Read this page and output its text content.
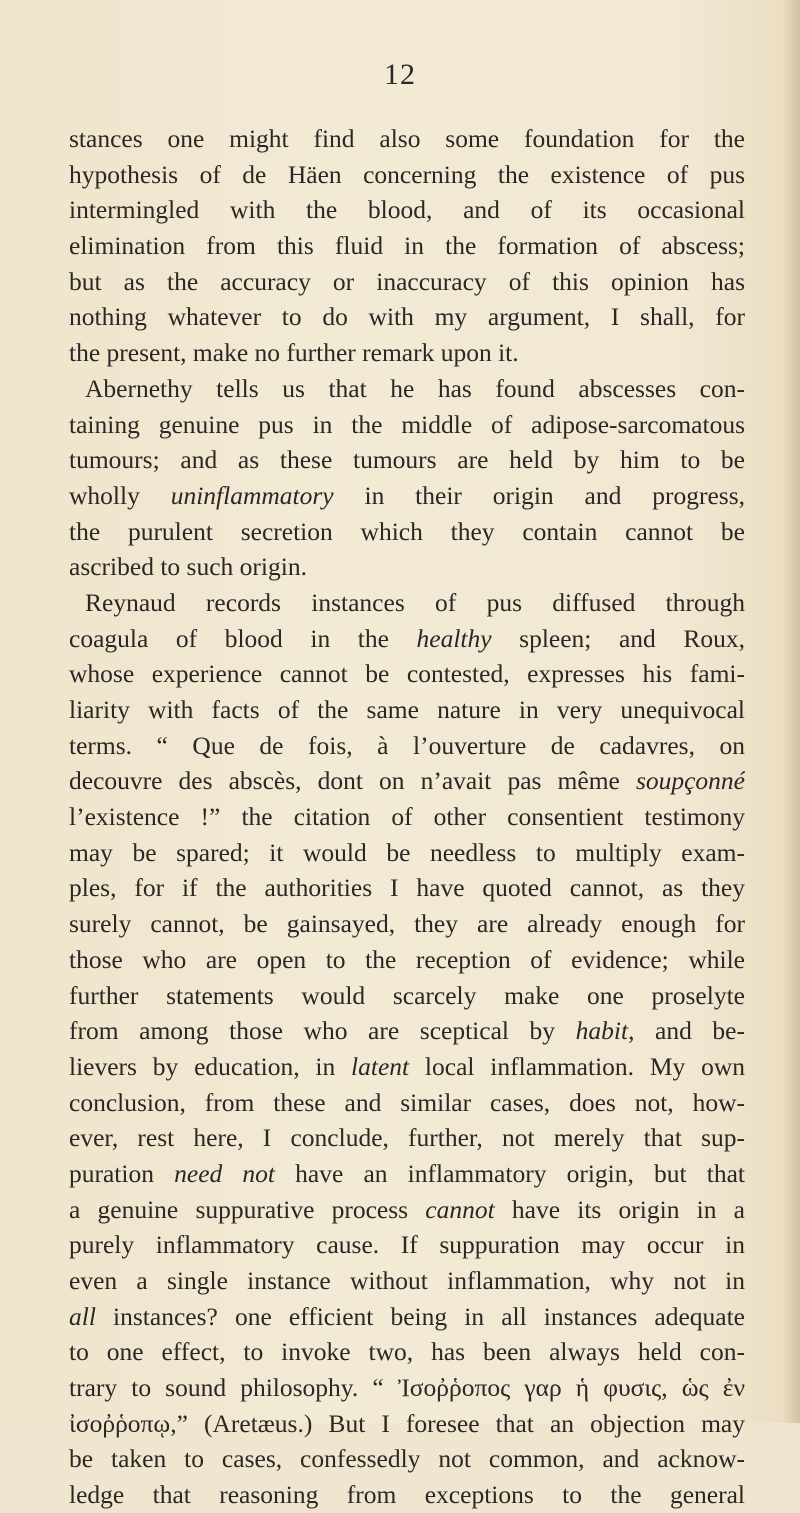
12
stances one might find also some foundation for the
hypothesis of de Häen concerning the existence of pus
intermingled with the blood, and of its occasional
elimination from this fluid in the formation of abscess;
but as the accuracy or inaccuracy of this opinion has
nothing whatever to do with my argument, I shall, for
the present, make no further remark upon it.
Abernethy tells us that he has found abscesses con-
taining genuine pus in the middle of adipose-sarcomatous
tumours; and as these tumours are held by him to be
wholly uninflammatory in their origin and progress,
the purulent secretion which they contain cannot be
ascribed to such origin.
Reynaud records instances of pus diffused through
coagula of blood in the healthy spleen; and Roux,
whose experience cannot be contested, expresses his fami-
liarity with facts of the same nature in very unequivocal
terms. “ Que de fois, à l’ouverture de cadavres, on
decouvre des abscès, dont on n’avait pas même soupçonné
l’existence !” the citation of other consentient testimony
may be spared; it would be needless to multiply exam-
ples, for if the authorities I have quoted cannot, as they
surely cannot, be gainsayed, they are already enough for
those who are open to the reception of evidence; while
further statements would scarcely make one proselyte
from among those who are sceptical by habit, and be-
lievers by education, in latent local inflammation. My own
conclusion, from these and similar cases, does not, how-
ever, rest here, I conclude, further, not merely that sup-
puration need not have an inflammatory origin, but that
a genuine suppurative process cannot have its origin in a
purely inflammatory cause. If suppuration may occur in
even a single instance without inflammation, why not in
all instances? one efficient being in all instances adequate
to one effect, to invoke two, has been always held con-
trary to sound philosophy. “ Ἰσοῤῥοπος γαρ ἡ φυσις, ὡς ἐν
ἰσοῤῥοπῳ,” (Aretæus.) But I foresee that an objection may
be taken to cases, confessedly not common, and acknow-
ledge that reasoning from exceptions to the general
